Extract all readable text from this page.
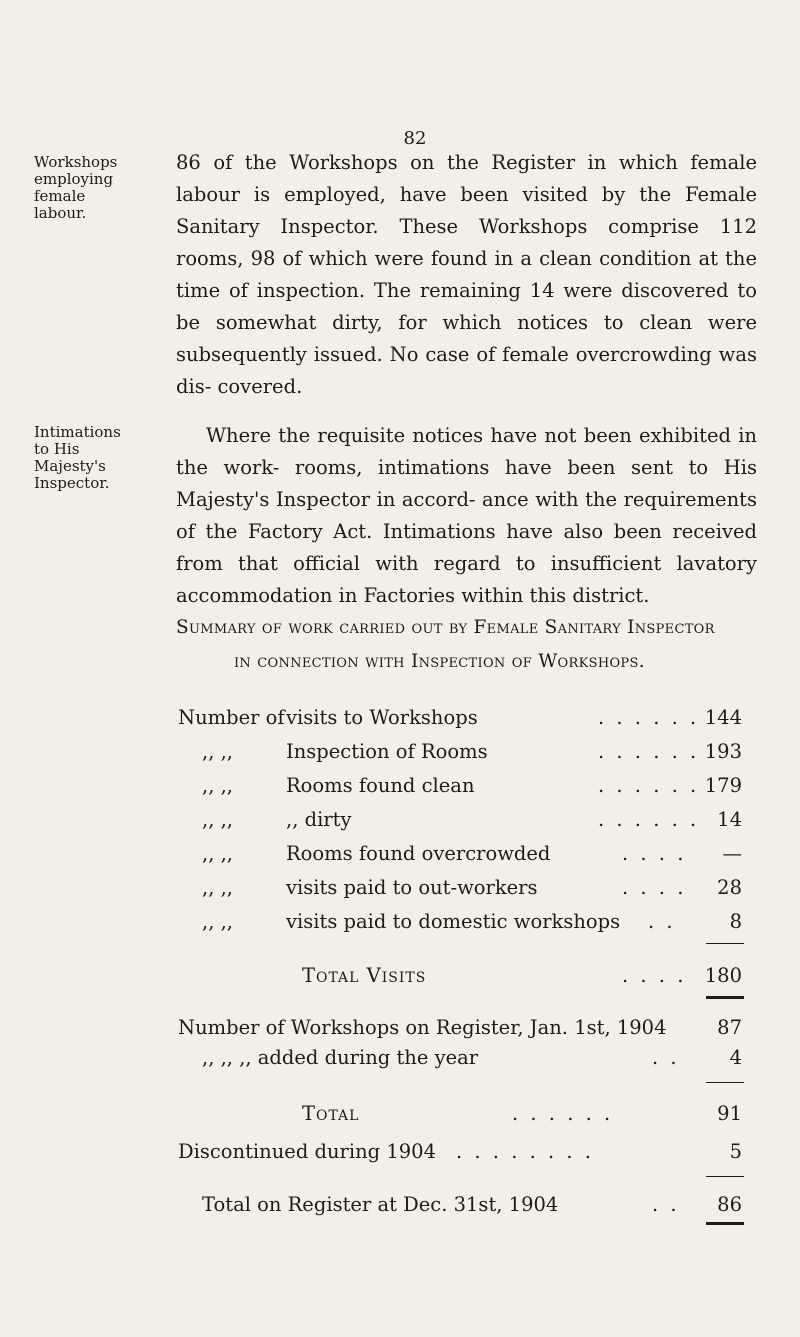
82
Workshops
employing
female
labour.
86 of the Workshops on the Register in which female labour is employed, have been visited by the Female Sanitary Inspector. These Workshops comprise 112 rooms, 98 of which were found in a clean condition at the time of inspection. The remaining 14 were discovered to be somewhat dirty, for which notices to clean were subsequently issued. No case of female overcrowding was dis- covered.
Intimations
to His
Majesty's
Inspector.
Where the requisite notices have not been exhibited in the work- rooms, intimations have been sent to His Majesty's Inspector in accord- ance with the requirements of the Factory Act. Intimations have also been received from that official with regard to insufficient lavatory accommodation in Factories within this district.
Summary of work carried out by Female Sanitary Inspector
in connection with Inspection of Workshops.
Number of visits to Workshops	. . . . . . 144
,, ,,	Inspection of Rooms	. . . . . . 193
,, ,,	Rooms found clean	. . . . . . 179
,, ,,	,, dirty	. . . . . . 14
,, ,,	Rooms found overcrowded	. . . .	—
,, ,,	visits paid to out-workers	. . . .	28
,, ,,	visits paid to domestic workshops . .	8
Total Visits	. . . . 180
Number of Workshops on Register, Jan. 1st, 1904	87
,, ,, ,, added during the year	. .	4
Total	. . . . . .	91
Discontinued during 1904 . . . . . . . .	5
Total on Register at Dec. 31st, 1904	. .	86
